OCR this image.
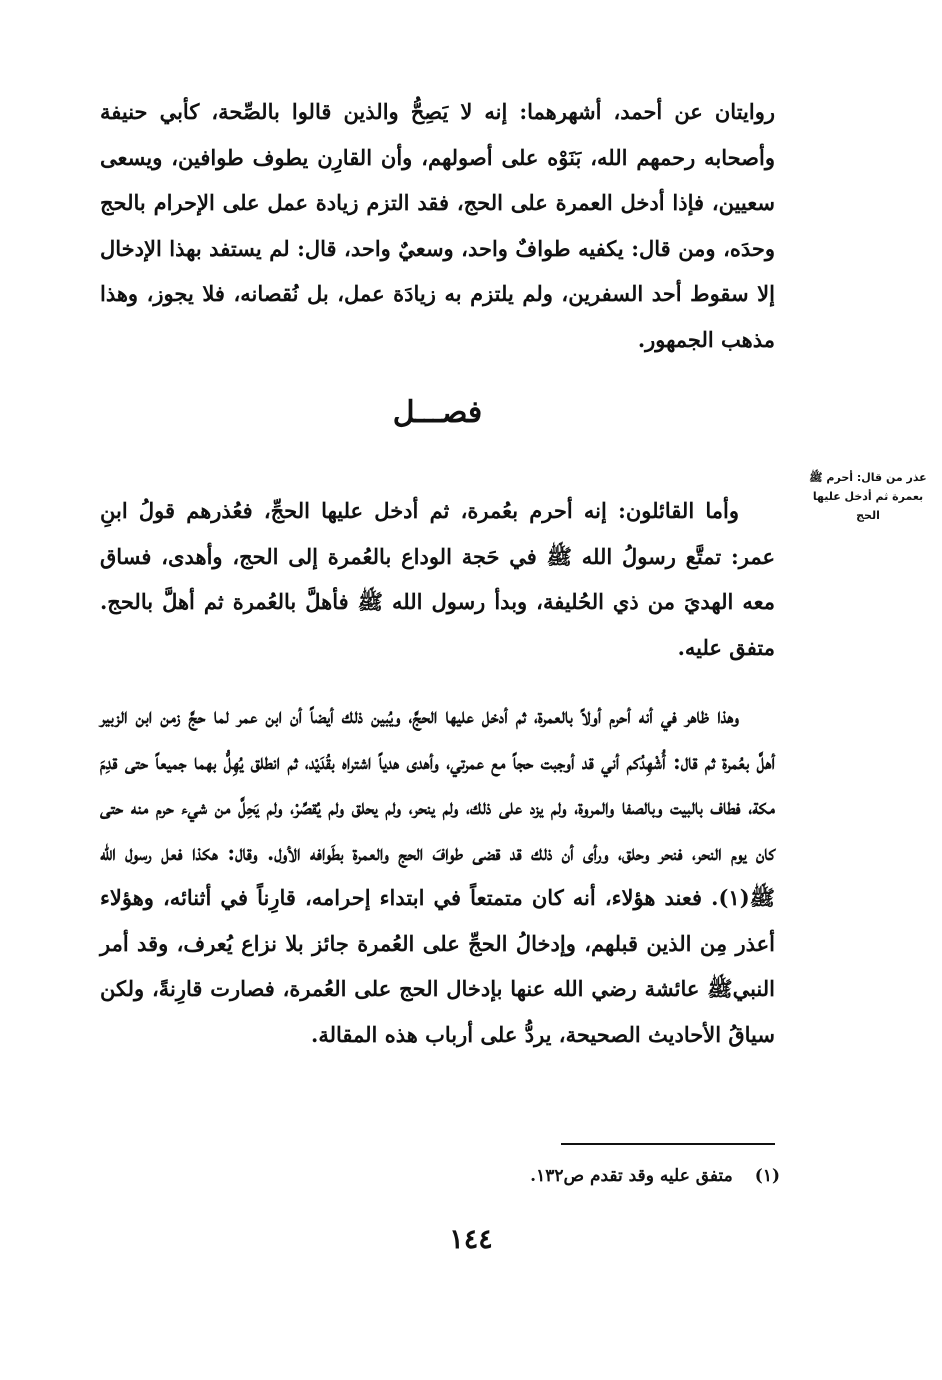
روايتان عن أحمد، أشهرهما: إنه لا يَصِحُّ والذين قالوا بالصِّحة، كأبي حنيفة وأصحابه رحمهم الله، بَنَوْه على أصولهم، وأن القارِن يطوف طوافين، ويسعى سعيين، فإذا أدخل العمرة على الحج، فقد التزم زيادة عمل على الإحرام بالحج وحدَه، ومن قال: يكفيه طوافٌ واحد، وسعيٌ واحد، قال: لم يستفد بهذا الإدخال إلا سقوط أحد السفرين، ولم يلتزم به زيادَة عمل، بل نُقصانه، فلا يجوز، وهذا مذهب الجمهور.

فصـــل
عذر من قال: أحرم ﷺ بعمرة ثم أدخل عليها الحج

وأما القائلون: إنه أحرم بعُمرة، ثم أدخل عليها الحجِّ، فعُذرهم قولُ ابنِ عمر: تمتَّع رسولُ الله ﷺ في حَجة الوداع بالعُمرة إلى الحج، وأهدى، فساق معه الهديَ من ذي الحُليفة، وبدأ رسول الله ﷺ فأهلَّ بالعُمرة ثم أهلَّ بالحج. متفق عليه.

وهذا ظاهر في أنه أحرم أولاً بالعمرة، ثم أدخل عليها الحجَّ، ويُبين ذلك أيضاً أن ابن عمر لما حجَّ زمن ابن الزبير أهلَّ بعُمرة ثم قال: أُشْهِدُكم أني قد أوجبت حجاً مع عمرتي، وأهدى هدياً اشتراه بقُدَيْد، ثم انطلق يُهِلُّ بهما جميعاً حتى قدِمَ مكة، فطاف بالبيت وبالصفا والمروة، ولم يزد على ذلك، ولم ينحر، ولم يحلق ولم يُقصِّرْ، ولم يَحِلَّ من شيء حرم منه حتى كان يوم النحر، فنحر وحلق، ورأى أن ذلك قد قضى طوافَ الحج والعمرة بطَوافه الأول. وقال: هكذا فعل رسول الله ﷺ(١). فعند هؤلاء، أنه كان متمتعاً في ابتداء إحرامه، قارِناً في أثنائه، وهؤلاء أعذر مِن الذين قبلهم، وإدخالُ الحجِّ على العُمرة جائز بلا نزاع يُعرف، وقد أمر النبيﷺ عائشة رضي الله عنها بإدخال الحج على العُمرة، فصارت قارِنةً، ولكن سياقُ الأحاديث الصحيحة، يردُّ على أرباب هذه المقالة.

(١)متفق عليه وقد تقدم ص١٣٢.
١٤٤
